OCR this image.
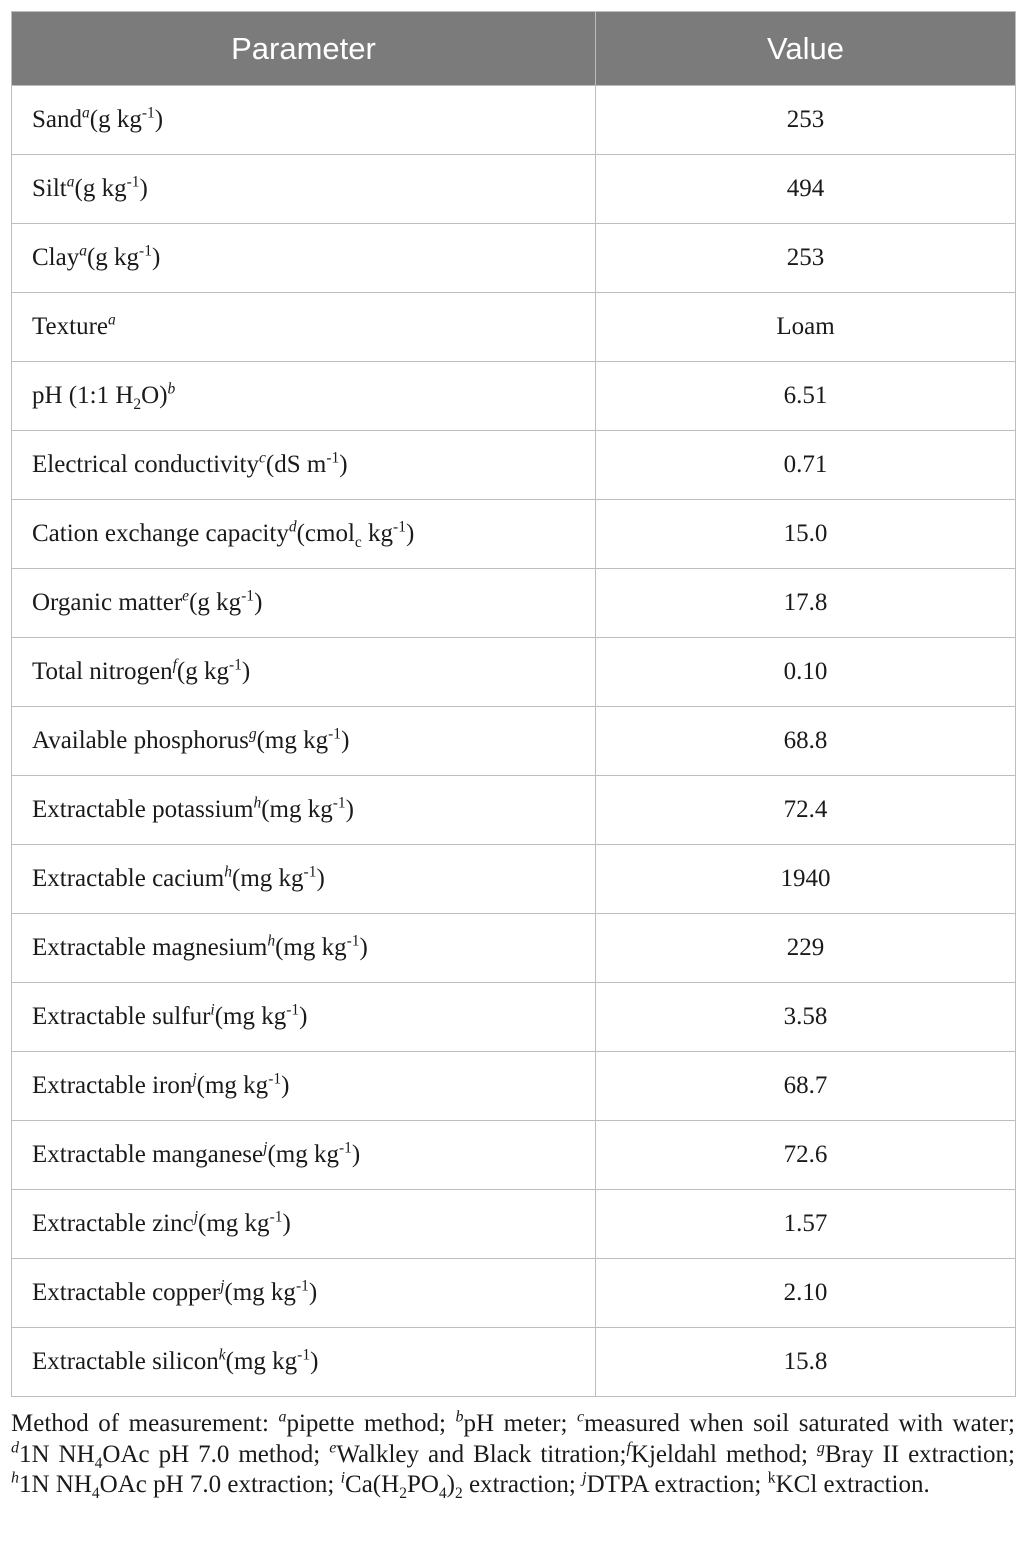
Parameter	Value
Sand$^a$(g $kg^{-1}$)	253
Silt$^a$(g $kg^{-1}$)	494
Clay$^a$(g $kg^{-1}$)	253
Texture$^a$	Loam
pH (1:1 $H_2O)^b$	6.51
Electrical conductivity$^c$(dS $m^{-1}$)	0.71
Cation exchange capacity$^d$(cmol$_c$ $kg^{-1}$)	15.0
Organic matter$^e$(g $kg^{-1}$)	17.8
Total nitrogen$^f$(g $kg^{-1}$)	0.10
Available phosphorus$^g$(mg $kg^{-1}$)	68.8
Extractable potassium$^h$(mg $kg^{-1}$)	72.4
Extractable cacium$^h$(mg $kg^{-1}$)	1940
Extractable magnesium$^h$(mg $kg^{-1}$)	229
Extractable sulfur$^i$(mg $kg^{-1}$)	3.58
Extractable iron$^j$(mg $kg^{-1}$)	68.7
Extractable manganese$^j$(mg $kg^{-1}$)	72.6
Extractable zinc$^j$(mg $kg^{-1}$)	1.57
Extractable copper$^j$(mg $kg^{-1}$)	2.10
Extractable silicon$^k$(mg $kg^{-1}$)	15.8
Method of measurement: $^a$pipette method; $^b$pH meter; $^c$measured when soil saturated with water; $^d$1N $NH_4OAc$ pH 7.0 method; $^e$Walkley and Black titration;$^f$Kjeldahl method; $^g$Bray II extraction; $^h$1N $NH_4OAc$ pH 7.0 extraction; $^iCa(H_2PO_4)_2$ extraction; $^j$DTPA extraction; $^k$KCl extraction.
